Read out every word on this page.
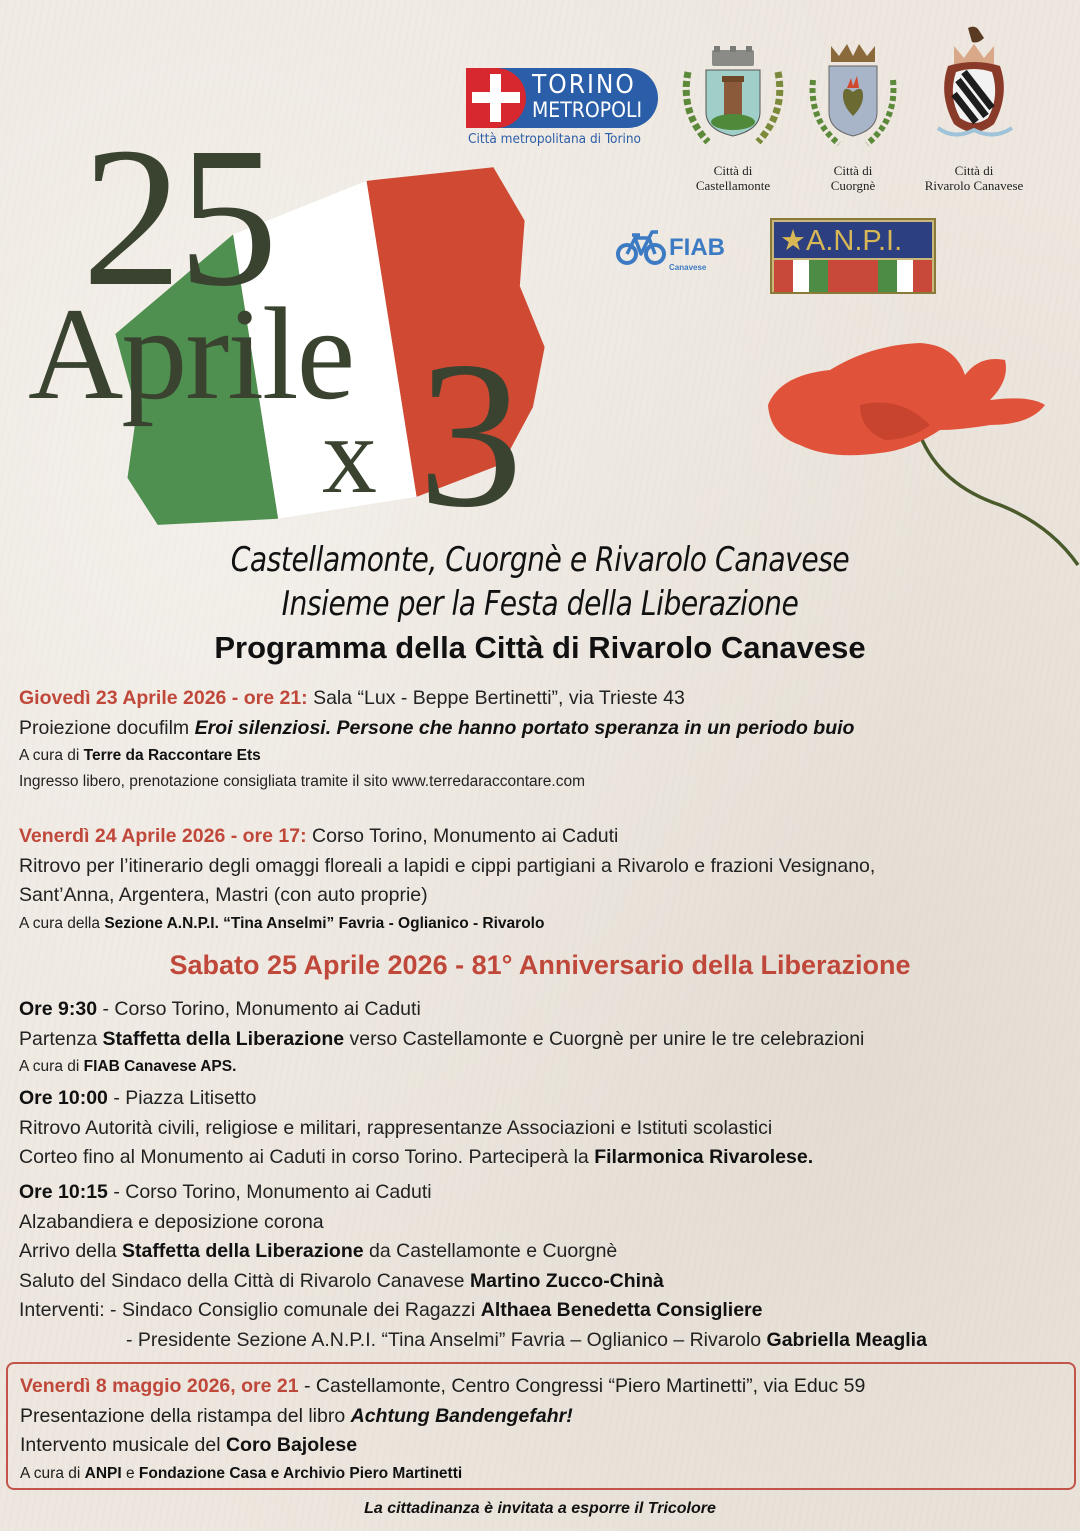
25
Aprile
x 3
TORINO
METROPOLI
Città metropolitana di Torino
Città di
Castellamonte
Città di
Cuorgnè
Città di
Rivarolo Canavese
FIAB
Canavese
★A.N.P.I.
Castellamonte, Cuorgnè e Rivarolo Canavese
Insieme per la Festa della Liberazione
Programma della Città di Rivarolo Canavese
Giovedì 23 Aprile 2026 - ore 21: Sala “Lux - Beppe Bertinetti”, via Trieste 43
Proiezione docufilm Eroi silenziosi. Persone che hanno portato speranza in un periodo buio
A cura di Terre da Raccontare Ets
Ingresso libero, prenotazione consigliata tramite il sito www.terredaraccontare.com
Venerdì 24 Aprile 2026 - ore 17: Corso Torino, Monumento ai Caduti
Ritrovo per l’itinerario degli omaggi floreali a lapidi e cippi partigiani a Rivarolo e frazioni Vesignano,
Sant’Anna, Argentera, Mastri (con auto proprie)
A cura della Sezione A.N.P.I. “Tina Anselmi” Favria - Oglianico - Rivarolo
Sabato 25 Aprile 2026 - 81° Anniversario della Liberazione
Ore 9:30 - Corso Torino, Monumento ai Caduti
Partenza Staffetta della Liberazione verso Castellamonte e Cuorgnè per unire le tre celebrazioni
A cura di FIAB Canavese APS.
Ore 10:00 - Piazza Litisetto
Ritrovo Autorità civili, religiose e militari, rappresentanze Associazioni e Istituti scolastici
Corteo fino al Monumento ai Caduti in corso Torino. Parteciperà la Filarmonica Rivarolese.
Ore 10:15 - Corso Torino, Monumento ai Caduti
Alzabandiera e deposizione corona
Arrivo della Staffetta della Liberazione da Castellamonte e Cuorgnè
Saluto del Sindaco della Città di Rivarolo Canavese Martino Zucco-Chinà
Interventi: - Sindaco Consiglio comunale dei Ragazzi Althaea Benedetta Consigliere
- Presidente Sezione A.N.P.I. “Tina Anselmi” Favria – Oglianico – Rivarolo Gabriella Meaglia
Venerdì 8 maggio 2026, ore 21 - Castellamonte, Centro Congressi “Piero Martinetti”, via Educ 59
Presentazione della ristampa del libro Achtung Bandengefahr!
Intervento musicale del Coro Bajolese
A cura di ANPI e Fondazione Casa e Archivio Piero Martinetti
La cittadinanza è invitata a esporre il Tricolore
